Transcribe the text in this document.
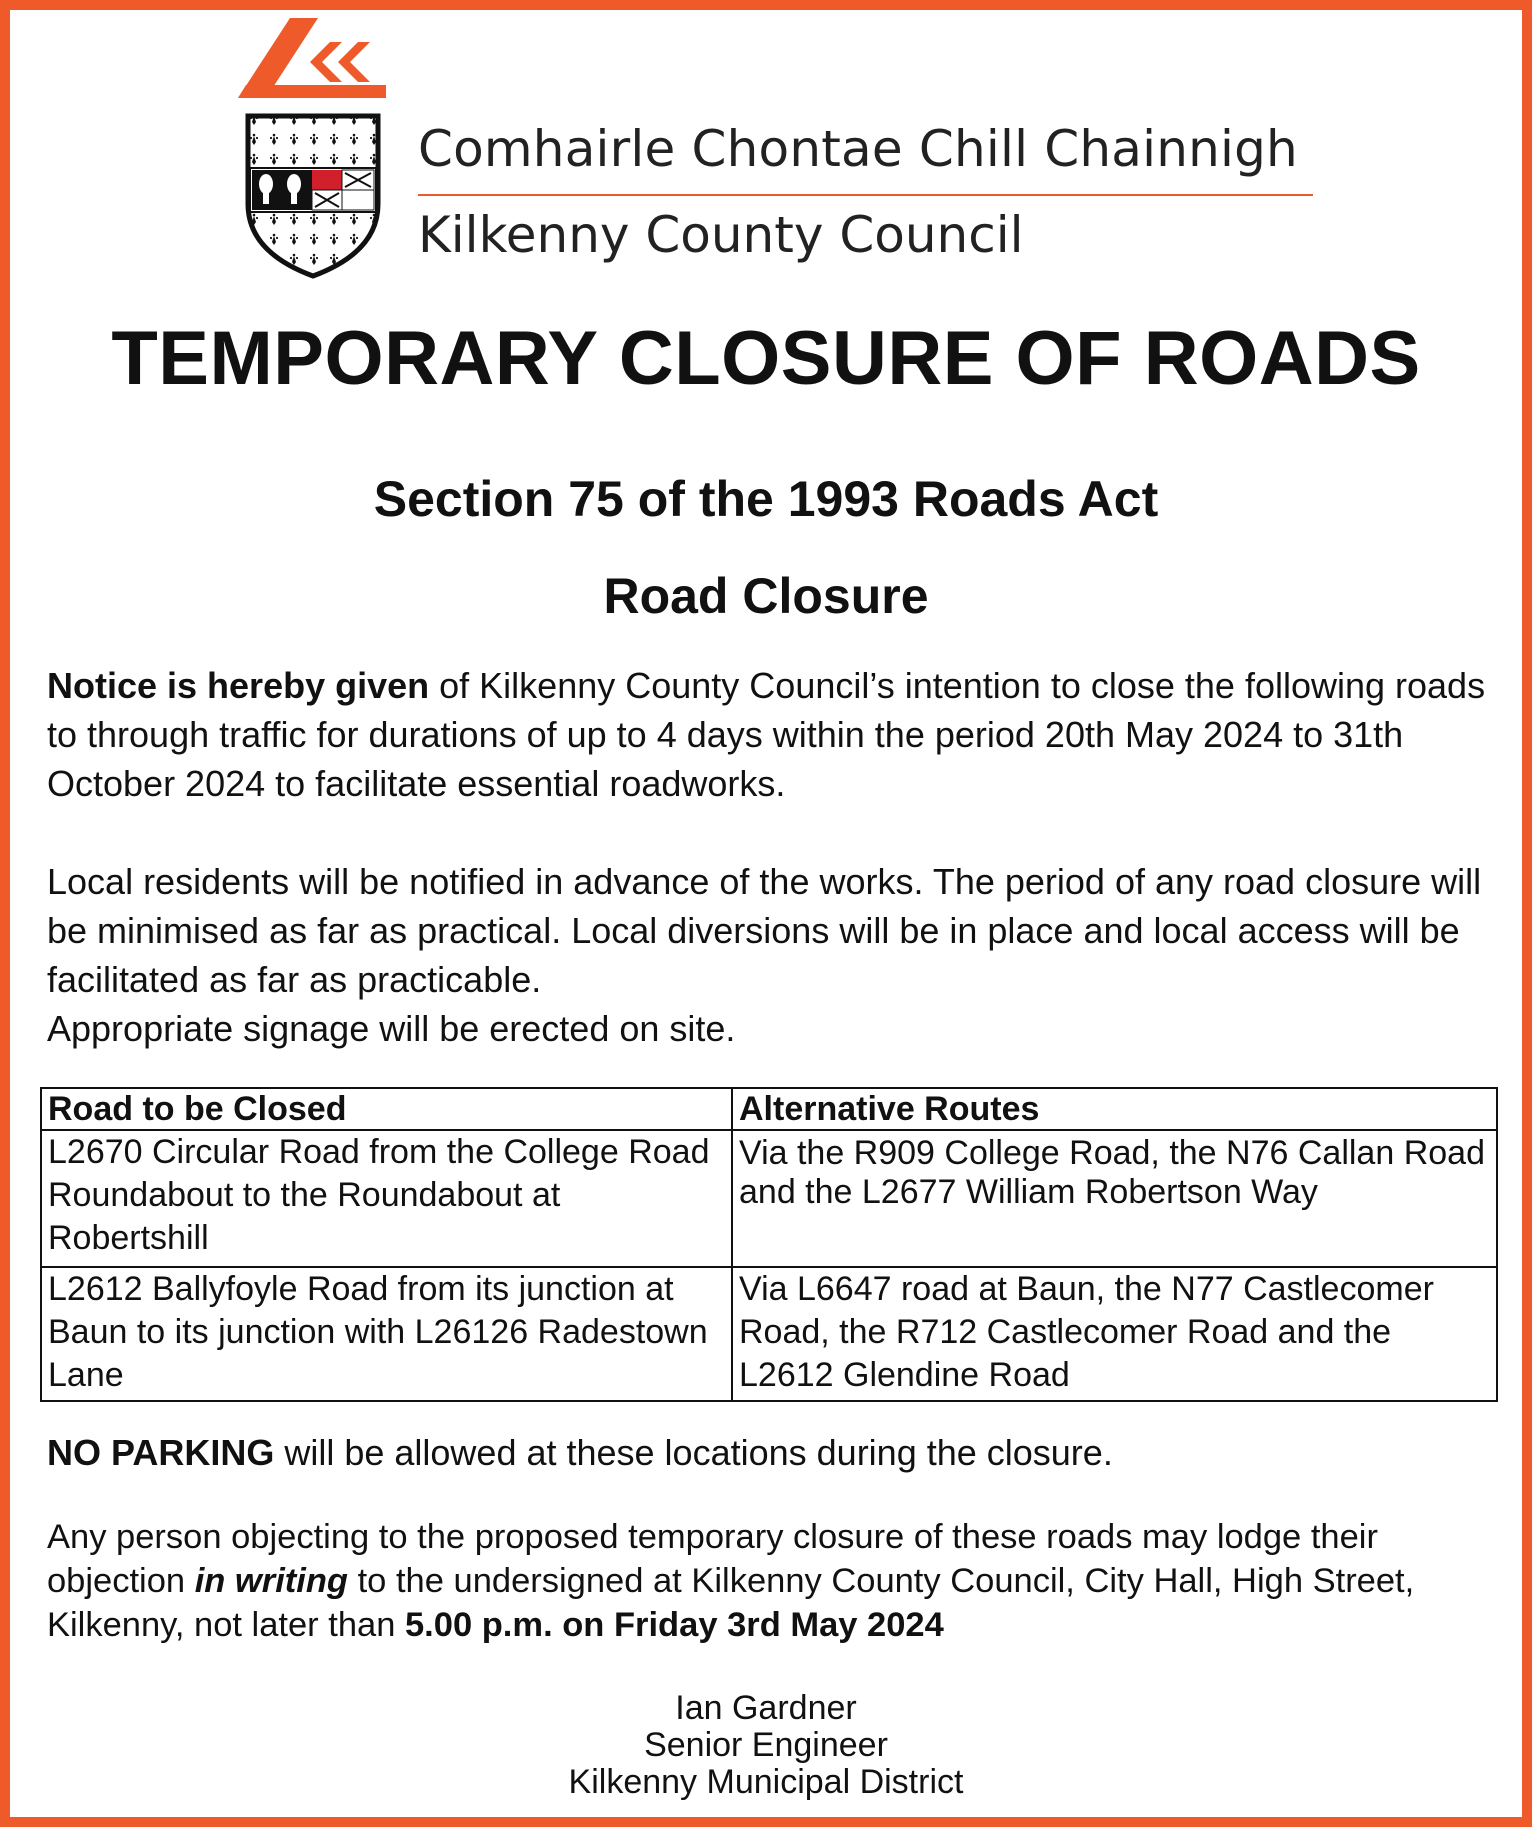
Comhairle Chontae Chill Chainnigh
Kilkenny County Council
TEMPORARY CLOSURE OF ROADS
Section 75 of the 1993 Roads Act
Road Closure
Notice is hereby given of Kilkenny County Council’s intention to close the following roads to through traffic for durations of up to 4 days within the period 20th May 2024 to 31th October 2024 to facilitate essential roadworks.
Local residents will be notified in advance of the works. The period of any road closure will be minimised as far as practical. Local diversions will be in place and local access will be facilitated as far as practicable.
Appropriate signage will be erected on site.
Road to be Closed	Alternative Routes
L2670 Circular Road from the College Road Roundabout to the Roundabout at Robertshill	Via the R909 College Road, the N76 Callan Road and the L2677 William Robertson Way
L2612 Ballyfoyle Road from its junction at Baun to its junction with L26126 Radestown Lane	Via L6647 road at Baun, the N77 Castlecomer Road, the R712 Castlecomer Road and the L2612 Glendine Road
NO PARKING will be allowed at these locations during the closure.
Any person objecting to the proposed temporary closure of these roads may lodge their objection in writing to the undersigned at Kilkenny County Council, City Hall, High Street, Kilkenny, not later than 5.00 p.m. on Friday 3rd May 2024
Ian Gardner
Senior Engineer
Kilkenny Municipal District
